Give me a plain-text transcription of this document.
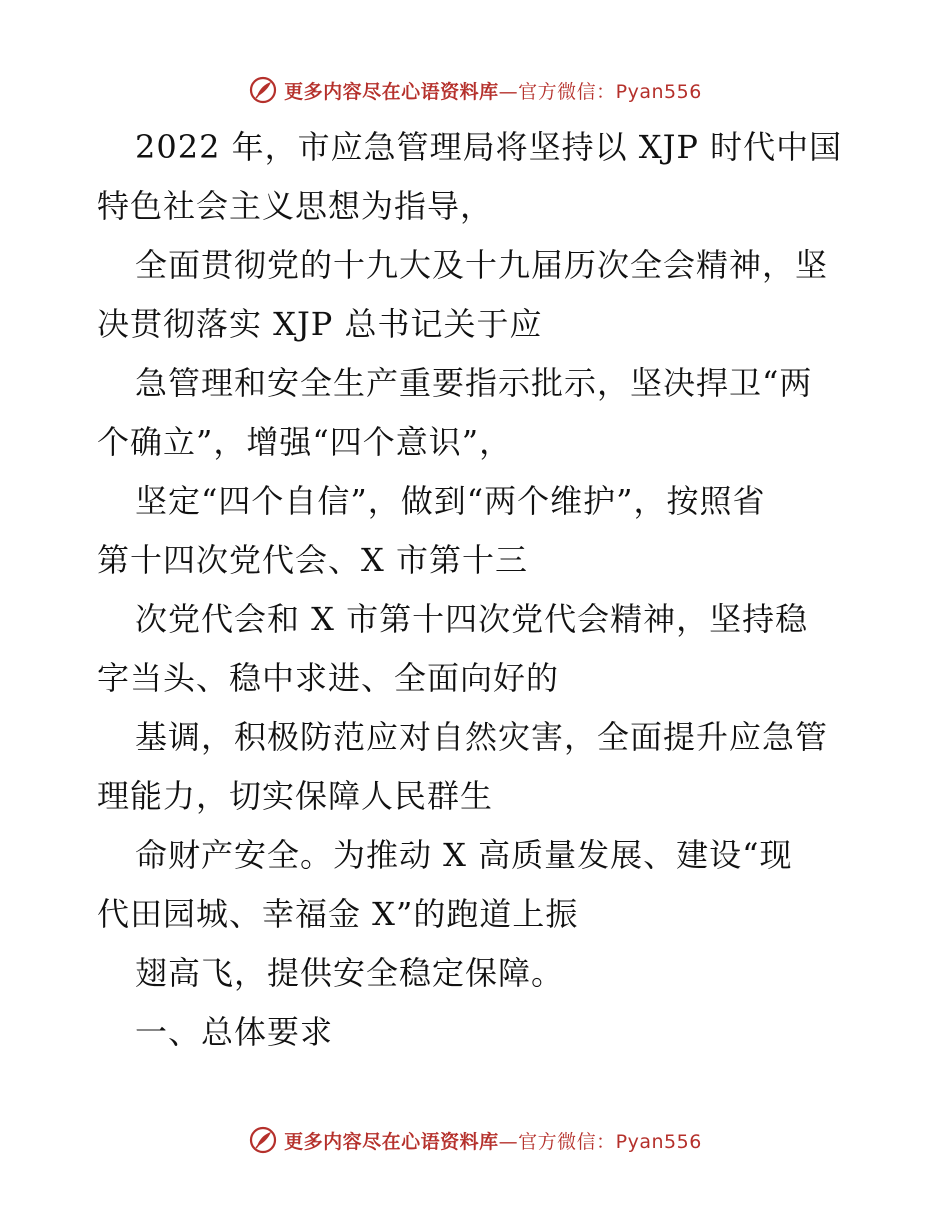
更多内容尽在心语资料库—官方微信：Pyan556
2022 年，市应急管理局将坚持以 XJP 时代中国
特色社会主义思想为指导，
全面贯彻党的十九大及十九届历次全会精神，坚
决贯彻落实 XJP 总书记关于应
急管理和安全生产重要指示批示，坚决捍卫“两
个确立”，增强“四个意识”，
坚定“四个自信”，做到“两个维护”，按照省
第十四次党代会、X 市第十三
次党代会和 X 市第十四次党代会精神，坚持稳
字当头、稳中求进、全面向好的
基调，积极防范应对自然灾害，全面提升应急管
理能力，切实保障人民群生
命财产安全。为推动 X 高质量发展、建设“现
代田园城、幸福金 X”的跑道上振
翅高飞，提供安全稳定保障。
一、总体要求
更多内容尽在心语资料库—官方微信：Pyan556
